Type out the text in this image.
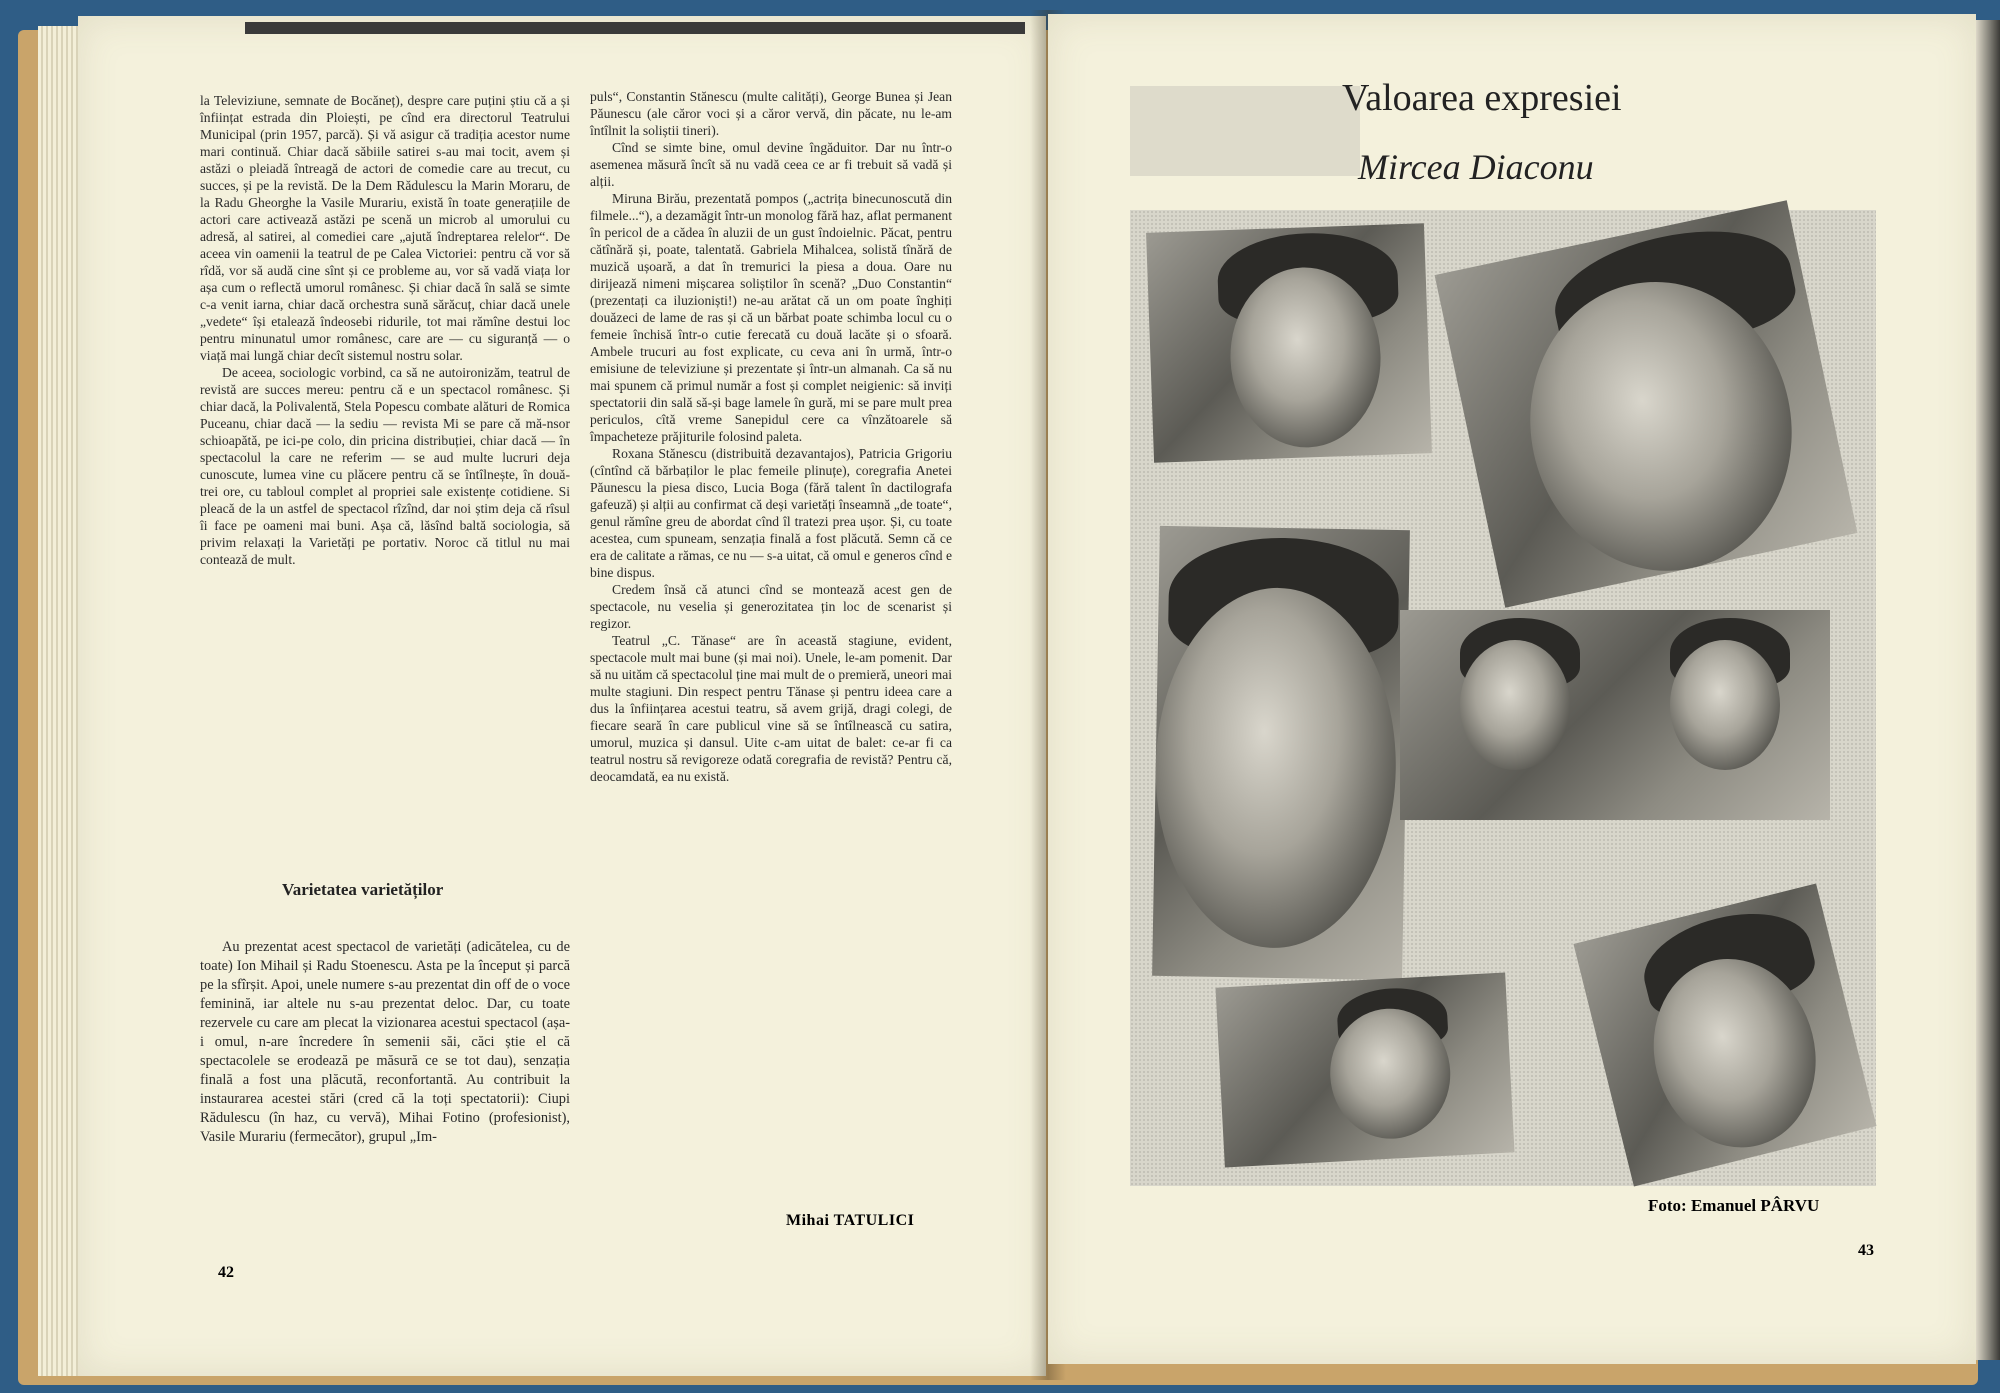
la Televiziune, semnate de Bocăneț), despre care puțini știu că a și înființat estrada din Ploiești, pe cînd era directorul Teatrului Municipal (prin 1957, parcă). Și vă asigur că tradiția acestor nume mari continuă. Chiar dacă săbiile satirei s-au mai tocit, avem și astăzi o pleiadă întreagă de actori de comedie care au trecut, cu succes, și pe la revistă. De la Dem Rădulescu la Marin Moraru, de la Radu Gheorghe la Vasile Murariu, există în toate generațiile de actori care activează astăzi pe scenă un microb al umorului cu adresă, al satirei, al comediei care „ajută îndreptarea relelor“. De aceea vin oamenii la teatrul de pe Calea Victoriei: pentru că vor să rîdă, vor să audă cine sînt și ce probleme au, vor să vadă viața lor așa cum o reflectă umorul românesc. Și chiar dacă în sală se simte c-a venit iarna, chiar dacă orchestra sună sărăcuț, chiar dacă unele „vedete“ își etalează îndeosebi ridurile, tot mai rămîne destui loc pentru minunatul umor românesc, care are — cu siguranță — o viață mai lungă chiar decît sistemul nostru solar.

De aceea, sociologic vorbind, ca să ne autoironizăm, teatrul de revistă are succes mereu: pentru că e un spectacol românesc. Și chiar dacă, la Polivalentă, Stela Popescu combate alături de Romica Puceanu, chiar dacă — la sediu — revista Mi se pare că mă-nsor schioapătă, pe ici-pe colo, din pricina distribuției, chiar dacă — în spectacolul la care ne referim — se aud multe lucruri deja cunoscute, lumea vine cu plăcere pentru că se întîlnește, în două-trei ore, cu tabloul complet al propriei sale existențe cotidiene. Si pleacă de la un astfel de spectacol rîzînd, dar noi știm deja că rîsul îi face pe oameni mai buni. Așa că, lăsînd baltă sociologia, să privim relaxați la Varietăți pe portativ. Noroc că titlul nu mai contează de mult.

Varietatea varietăților

Au prezentat acest spectacol de varietăți (adicătelea, cu de toate) Ion Mihail și Radu Stoenescu. Asta pe la început și parcă pe la sfîrșit. Apoi, unele numere s-au prezentat din off de o voce feminină, iar altele nu s-au prezentat deloc. Dar, cu toate rezervele cu care am plecat la vizionarea acestui spectacol (așa-i omul, n-are încredere în semenii săi, căci știe el că spectacolele se erodează pe măsură ce se tot dau), senzația finală a fost una plăcută, reconfortantă. Au contribuit la instaurarea acestei stări (cred că la toți spectatorii): Ciupi Rădulescu (în haz, cu vervă), Mihai Fotino (profesionist), Vasile Murariu (fermecător), grupul „Im-

puls“, Constantin Stănescu (multe calități), George Bunea și Jean Păunescu (ale căror voci și a căror vervă, din păcate, nu le-am întîlnit la soliștii tineri).

Cînd se simte bine, omul devine îngăduitor. Dar nu într-o asemenea măsură încît să nu vadă ceea ce ar fi trebuit să vadă și alții.

Miruna Birău, prezentată pompos („actrița binecunoscută din filmele...“), a dezamăgit într-un monolog fără haz, aflat permanent în pericol de a cădea în aluzii de un gust îndoielnic. Păcat, pentru cătînără și, poate, talentată. Gabriela Mihalcea, solistă tînără de muzică ușoară, a dat în tremurici la piesa a doua. Oare nu dirijează nimeni mișcarea soliștilor în scenă? „Duo Constantin“ (prezentați ca iluzioniști!) ne-au arătat că un om poate înghiți douăzeci de lame de ras și că un bărbat poate schimba locul cu o femeie închisă într-o cutie ferecată cu două lacăte și o sfoară. Ambele trucuri au fost explicate, cu ceva ani în urmă, într-o emisiune de televiziune și prezentate și într-un almanah. Ca să nu mai spunem că primul număr a fost și complet neigienic: să inviți spectatorii din sală să-și bage lamele în gură, mi se pare mult prea periculos, cîtă vreme Sanepidul cere ca vînzătoarele să împacheteze prăjiturile folosind paleta.

Roxana Stănescu (distribuită dezavantajos), Patricia Grigoriu (cîntînd că bărbaților le plac femeile plinuțe), coregrafia Anetei Păunescu la piesa disco, Lucia Boga (fără talent în dactilografa gafeuză) și alții au confirmat că deși varietăți înseamnă „de toate“, genul rămîne greu de abordat cînd îl tratezi prea ușor. Și, cu toate acestea, cum spuneam, senzația finală a fost plăcută. Semn că ce era de calitate a rămas, ce nu — s-a uitat, că omul e generos cînd e bine dispus.

Credem însă că atunci cînd se montează acest gen de spectacole, nu veselia și generozitatea țin loc de scenarist și regizor.

Teatrul „C. Tănase“ are în această stagiune, evident, spectacole mult mai bune (și mai noi). Unele, le-am pomenit. Dar să nu uităm că spectacolul ține mai mult de o premieră, uneori mai multe stagiuni. Din respect pentru Tănase și pentru ideea care a dus la înființarea acestui teatru, să avem grijă, dragi colegi, de fiecare seară în care publicul vine să se întîlnească cu satira, umorul, muzica și dansul. Uite c-am uitat de balet: ce-ar fi ca teatrul nostru să revigoreze odată coregrafia de revistă? Pentru că, deocamdată, ea nu există.

Mihai TATULICI
42
Valoarea expresiei
Mircea Diaconu
Foto: Emanuel PÂRVU
43
